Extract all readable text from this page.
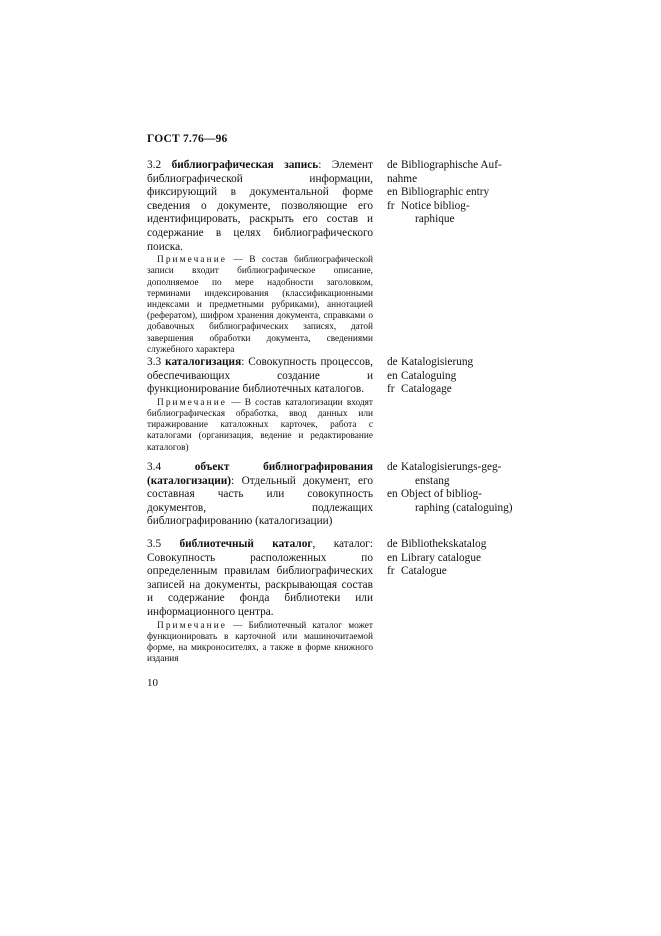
ГОСТ 7.76—96
3.2 библиографическая запись: Элемент библиографической информации, фиксирующий в документальной форме сведения о документе, позволяющие его идентифицировать, раскрыть его состав и содержание в целях библиографического поиска.
Примечание — В состав библиографической записи входит библиографическое описание, дополняемое по мере надобности заголовком, терминами индексирования (классификационными индексами и предметными рубриками), аннотацией (рефератом), шифром хранения документа, справками о добавочных библиографических записях, датой завершения обработки документа, сведениями служебного характера
de Bibliographische Auf-
nahme
en Bibliographic entry
fr Notice bibliog-
raphique
3.3 каталогизация: Совокупность процессов, обеспечивающих создание и функционирование библиотечных каталогов.
Примечание — В состав каталогизации входят библиографическая обработка, ввод данных или тиражирование каталожных карточек, работа с каталогами (организация, ведение и редактирование каталогов)
de Katalogisierung
en Cataloguing
fr Catalogage
3.4	объект библиографирования (каталогизации): Отдельный документ, его составная часть или совокупность документов, подлежащих библиографированию (каталогизации)
de Katalogisierungs-geg-
enstang
en Object of bibliog-
raphing (cataloguing)
3.5 библиотечный каталог, каталог: Совокупность расположенных по определенным правилам библиографических записей на документы, раскрывающая состав и содержание фонда библиотеки или информационного центра.
Примечание — Библиотечный каталог может функционировать в карточной или машиночитаемой форме, на микроносителях, а также в форме книжного издания
de Bibliothekskatalog
en Library catalogue
fr Catalogue
10
